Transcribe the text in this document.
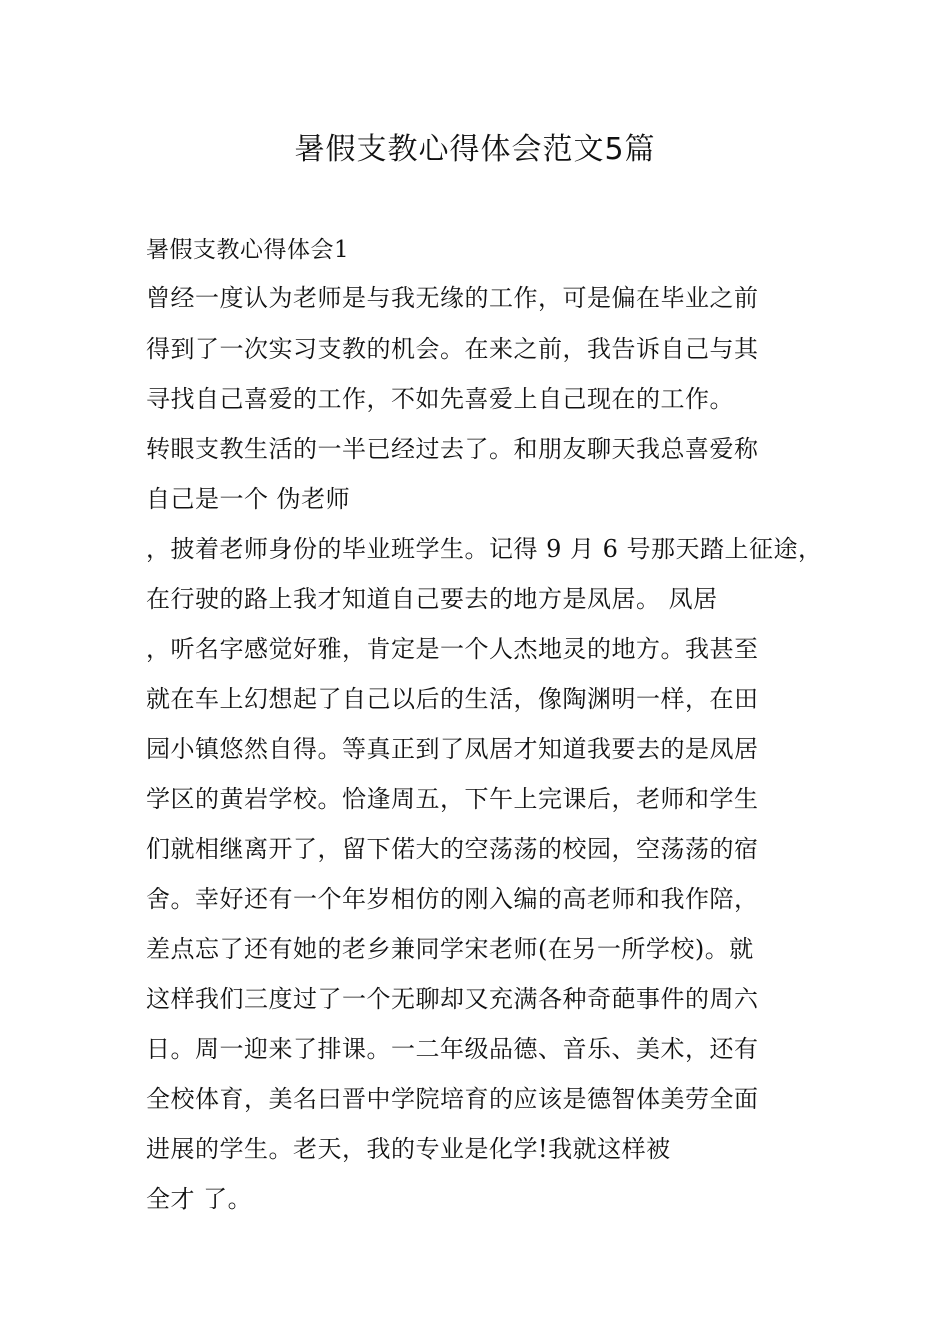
暑假支教心得体会范文5篇

暑假支教心得体会1

曾经一度认为老师是与我无缘的工作，可是偏在毕业之前

得到了一次实习支教的机会。在来之前，我告诉自己与其

寻找自己喜爱的工作，不如先喜爱上自己现在的工作。

转眼支教生活的一半已经过去了。和朋友聊天我总喜爱称

自己是一个 伪老师

，披着老师身份的毕业班学生。记得 9 月 6 号那天踏上征途，

在行驶的路上我才知道自己要去的地方是凤居。 凤居

，听名字感觉好雅，肯定是一个人杰地灵的地方。我甚至

就在车上幻想起了自己以后的生活，像陶渊明一样，在田

园小镇悠然自得。等真正到了凤居才知道我要去的是凤居

学区的黄岩学校。恰逢周五，下午上完课后，老师和学生

们就相继离开了，留下偌大的空荡荡的校园，空荡荡的宿

舍。幸好还有一个年岁相仿的刚入编的高老师和我作陪，

差点忘了还有她的老乡兼同学宋老师(在另一所学校)。就

这样我们三度过了一个无聊却又充满各种奇葩事件的周六

日。周一迎来了排课。一二年级品德、音乐、美术，还有

全校体育，美名曰晋中学院培育的应该是德智体美劳全面

进展的学生。老天，我的专业是化学!我就这样被

全才 了。
